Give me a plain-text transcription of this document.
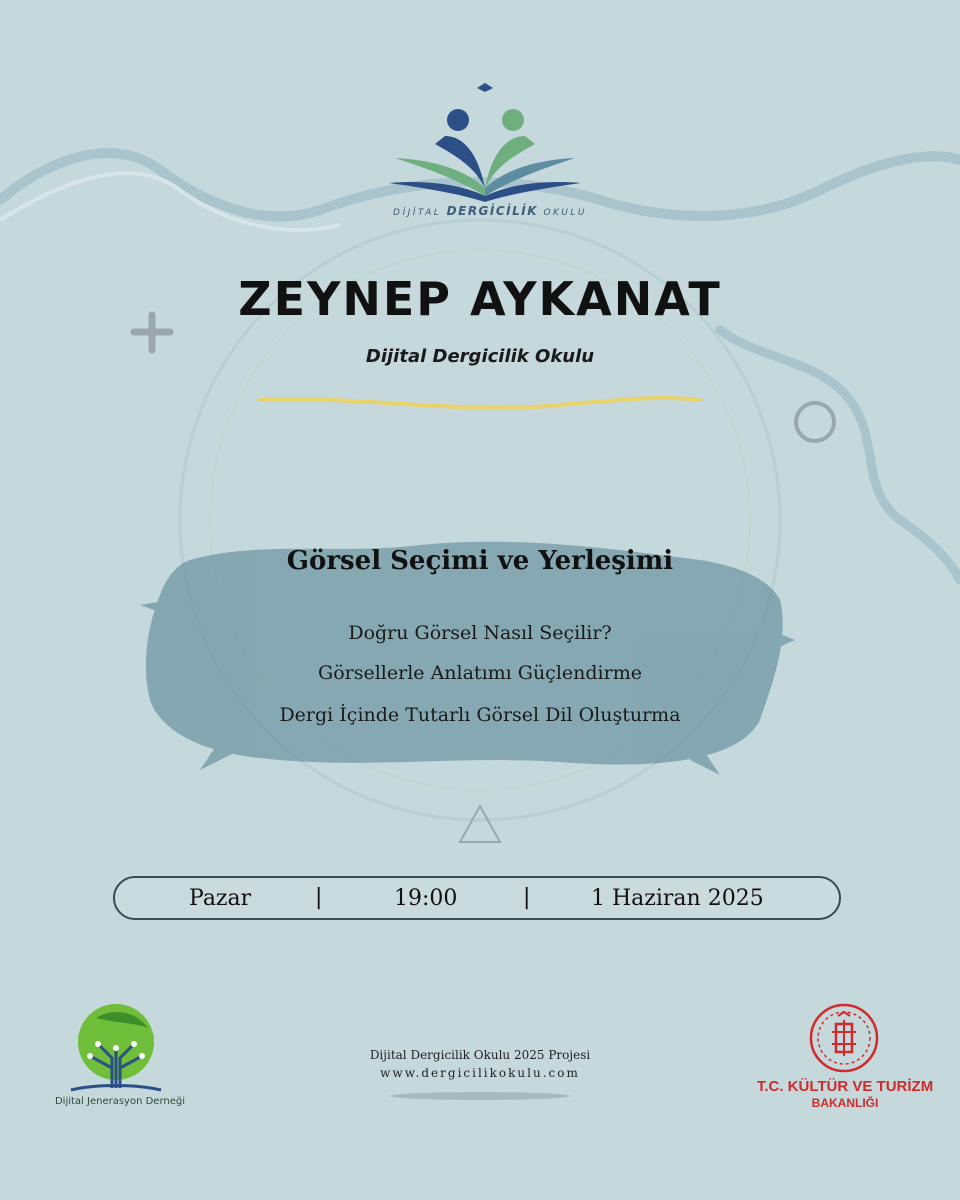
DİJİTAL DERGİCİLİK OKULU
ZEYNEP AYKANAT
Dijital Dergicilik Okulu
Görsel Seçimi ve Yerleşimi
Doğru Görsel Nasıl Seçilir?
Görsellerle Anlatımı Güçlendirme
Dergi İçinde Tutarlı Görsel Dil Oluşturma
Pazar	|	19:00	|	1 Haziran 2025
Dijital Jenerasyon Derneği
Dijital Dergicilik Okulu 2025 Projesi
www.dergicilikokulu.com
T.C. KÜLTÜR VE TURİZM
BAKANLIĞI
